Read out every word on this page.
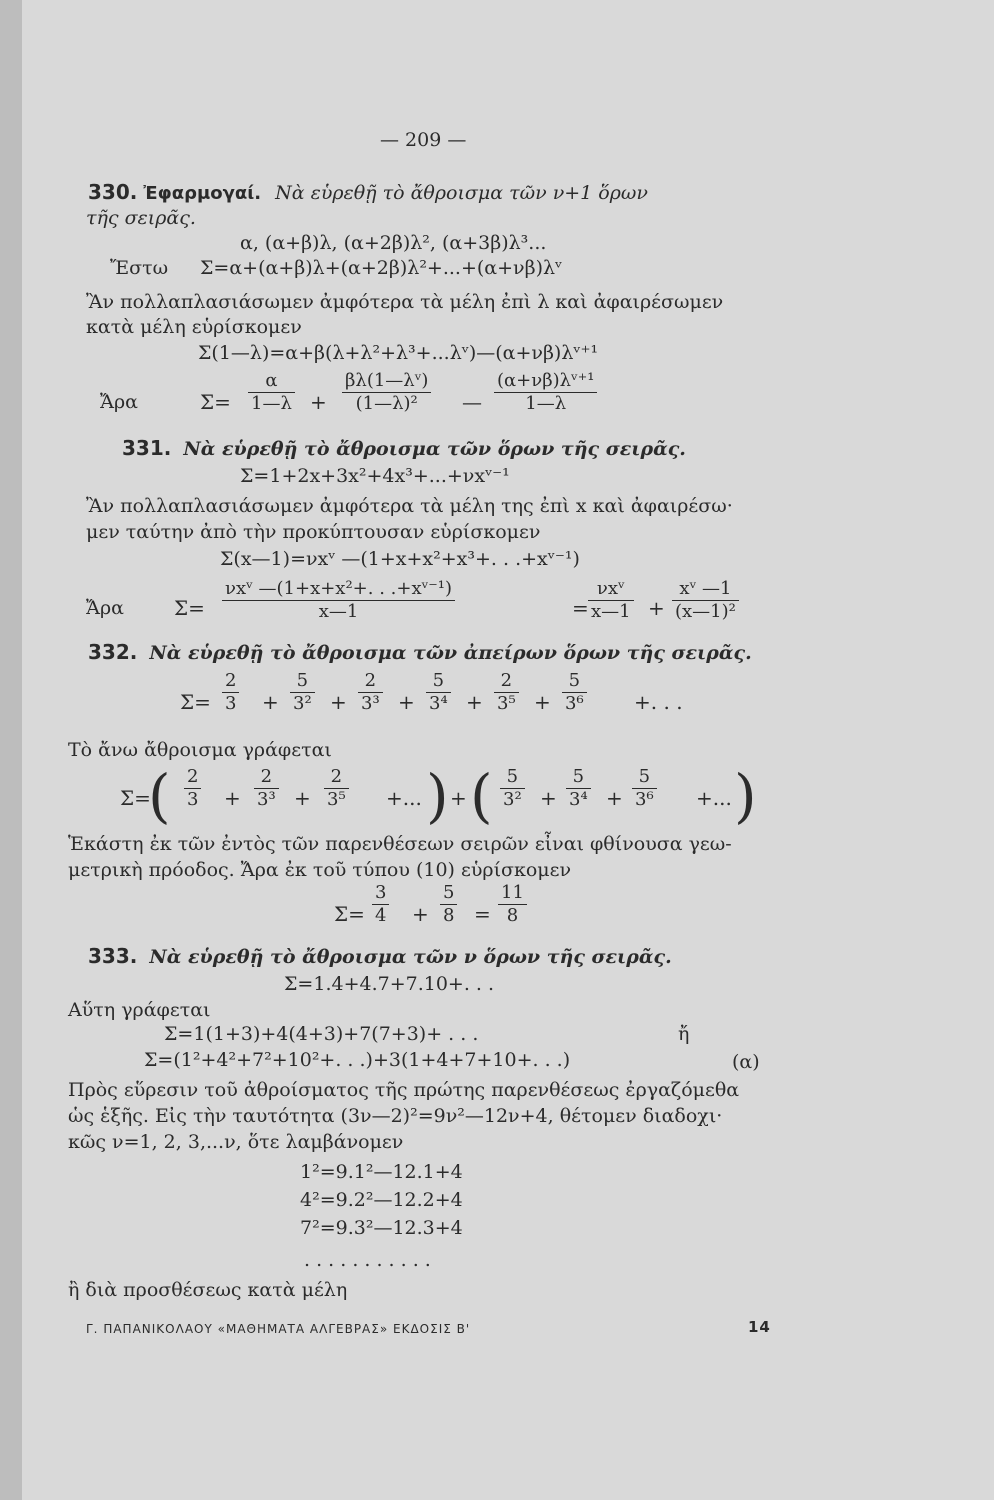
— 209 —
330. Ἐφαρμογαί. Νὰ εὑρεθῇ τὸ ἄθροισμα τῶν ν+1 ὅρων
τῆς σειρᾶς.
α, (α+β)λ, (α+2β)λ², (α+3β)λ³...
Ἔστω Σ=α+(α+β)λ+(α+2β)λ²+...+(α+νβ)λᵛ
Ἂν πολλαπλασιάσωμεν ἀμφότερα τὰ μέλη ἐπὶ λ καὶ ἀφαιρέσωμεν
κατὰ μέλη εὑρίσκομεν
Σ(1—λ)=α+β(λ+λ²+λ³+...λᵛ)—(α+νβ)λᵛ⁺¹
Ἄρα	$\Sigma= \frac{\alpha}{1—\lambda} + \frac{\text{βλ(1—λᵛ)}}{\text{(1—λ)²}}$ — $\frac{\text{(α+νβ)λᵛ⁺¹}}{1—\lambda}$
331. Νὰ εὑρεθῇ τὸ ἄθροισμα τῶν ὅρων τῆς σειρᾶς.
Σ=1+2x+3x²+4x³+...+νxᵛ⁻¹
Ἂν πολλαπλασιάσωμεν ἀμφότερα τὰ μέλη της ἐπὶ x καὶ ἀφαιρέσω·
μεν ταύτην ἀπὸ τὴν προκύπτουσαν εὑρίσκομεν
Σ(x—1)=νxᵛ —(1+x+x²+x³+. . .+xᵛ⁻¹)
Ἄρα	Σ=
νxᵛ —(1+x+x²+. . .+xᵛ⁻¹)
x—1	=
νxᵛ
x—1 + $\frac{\text{xᵛ —1}}{\text{(x—1)²}}$
332. Νὰ εὑρεθῇ τὸ ἄθροισμα τῶν ἀπείρων ὅρων τῆς σειρᾶς.
$\Sigma= \frac{2}{3} + \frac{5}{\text{3²}} + \frac{2}{\text{3³}} + \frac{5}{\text{3⁴}} + \frac{2}{\text{3⁵}} + \frac{5}{\text{3⁶}}$ +. . .
Τὸ ἄνω ἄθροισμα γράφεται
Σ=
( $\frac{2}{3} + \frac{2}{\text{3³}} + \frac{2}{\text{3⁵}}$ +... ) + ( $\frac{5}{\text{3²}} + \frac{5}{\text{3⁴}} + \frac{5}{\text{3⁶}}$ +... )
Ἑκάστη ἐκ τῶν ἐντὸς τῶν παρενθέσεων σειρῶν εἶναι φθίνουσα γεω-
μετρικὴ πρόοδος. Ἄρα ἐκ τοῦ τύπου (10) εὑρίσκομεν
$\Sigma= \frac{3}{4} + \frac{5}{8} = \frac{11}{8}$
333. Νὰ εὑρεθῇ τὸ ἄθροισμα τῶν ν ὅρων τῆς σειρᾶς.
Σ=1.4+4.7+7.10+. . .
Αὕτη γράφεται
Σ=1(1+3)+4(4+3)+7(7+3)+ . . .	ἤ
Σ=(1²+4²+7²+10²+. . .)+3(1+4+7+10+. . .)	(α)
Πρὸς εὕρεσιν τοῦ ἀθροίσματος τῆς πρώτης παρενθέσεως ἐργαζόμεθα
ὡς ἑξῆς. Εἰς τὴν ταυτότητα (3ν—2)²=9ν²—12ν+4, θέτομεν διαδοχι·
κῶς ν=1, 2, 3,...ν, ὅτε λαμβάνομεν
1²=9.1²—12.1+4
4²=9.2²—12.2+4
7²=9.3²—12.3+4
. . . . . . . . . . .
ἢ διὰ προσθέσεως κατὰ μέλη
Γ. ΠΑΠΑΝΙΚΟΛΑΟΥ «ΜΑΘΗΜΑΤΑ ΑΛΓΕΒΡΑΣ» ΕΚΔΟΣΙΣ Β'	14
